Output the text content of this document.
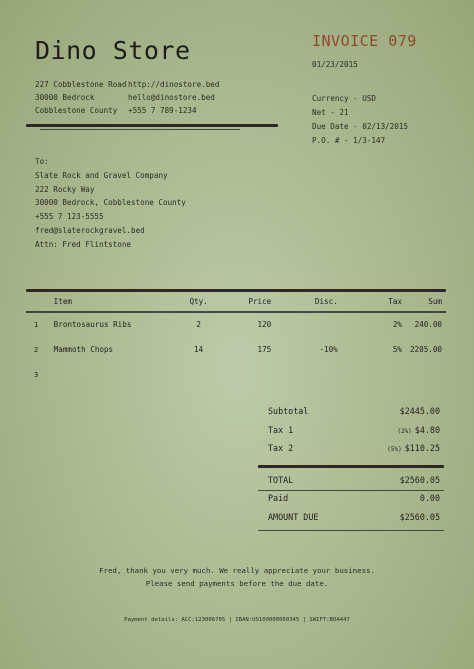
Dino Store
227 Cobblestone Road
30000 Bedrock
Cobblestone County
http://dinostore.bed
hello@dinostore.bed
+555 7 789-1234
INVOICE 079
01/23/2015
Currency - USD
Net - 21
Due Date - 02/13/2015
P.O. # - 1/3-147
To:
Slate Rock and Gravel Company
222 Rocky Way
30000 Bedrock, Cobblestone County
+555 7 123-5555
fred@slaterockgravel.bed
Attn: Fred Flintstone
	Item	Qty.	Price	Disc.	Tax	Sum
1	Brontosaurus Ribs	2	120		2%	240.00
2	Mammoth Chops	14	175	-10%	5%	2205.00
3						
Subtotal	$2445.00
Tax 1	(2%) $4.80
Tax 2	(5%) $110.25
TOTAL	$2560.05
Paid	0.00
AMOUNT DUE	$2560.05
Fred, thank you very much. We really appreciate your business.
Please send payments before the due date.
Payment details: ACC:123006705 | IBAN:US100000060345 | SWIFT:BOA447
